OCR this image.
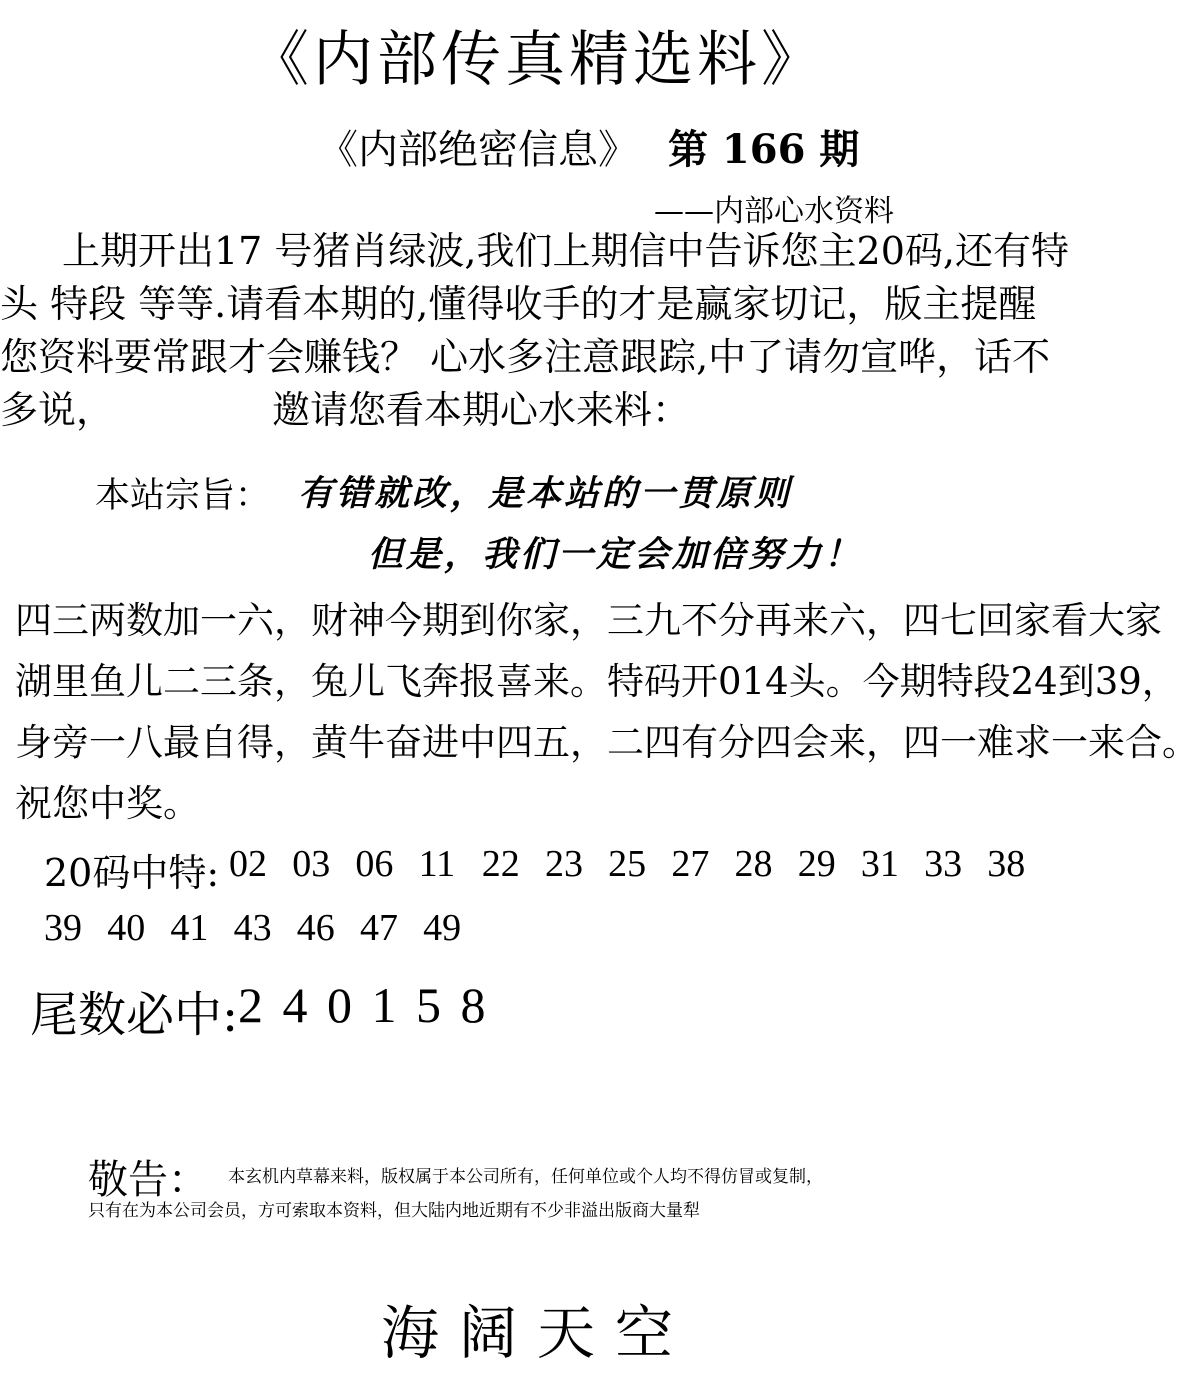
《内部传真精选料》
《内部绝密信息》 第 166 期
——内部心水资料
上期开出17 号猪肖绿波,我们上期信中告诉您主20码,还有特
头 特段 等等.请看本期的,懂得收手的才是赢家切记，版主提醒
您资料要常跟才会赚钱？ 心水多注意跟踪,中了请勿宣哗，话不
多说，	邀请您看本期心水来料：
本站宗旨： 有错就改，是本站的一贯原则
但是，我们一定会加倍努力！
四三两数加一六，财神今期到你家，三九不分再来六，四七回家看大家
湖里鱼儿二三条，兔儿飞奔报喜来。特码开014头。今期特段24到39，
身旁一八最自得，黄牛奋进中四五，二四有分四会来，四一难求一来合。
祝您中奖。
20码中特: 02 03 06 11 22 23 25 27 28 29 31 33 38
39 40 41 43 46 47 49
尾数必中: 2 4 0 1 5 8
敬告： 本玄机内草幕来料，版权属于本公司所有，任何单位或个人均不得仿冒或复制，
只有在为本公司会员，方可索取本资料，但大陆内地近期有不少非溢出版商大量犁
海阔天空
